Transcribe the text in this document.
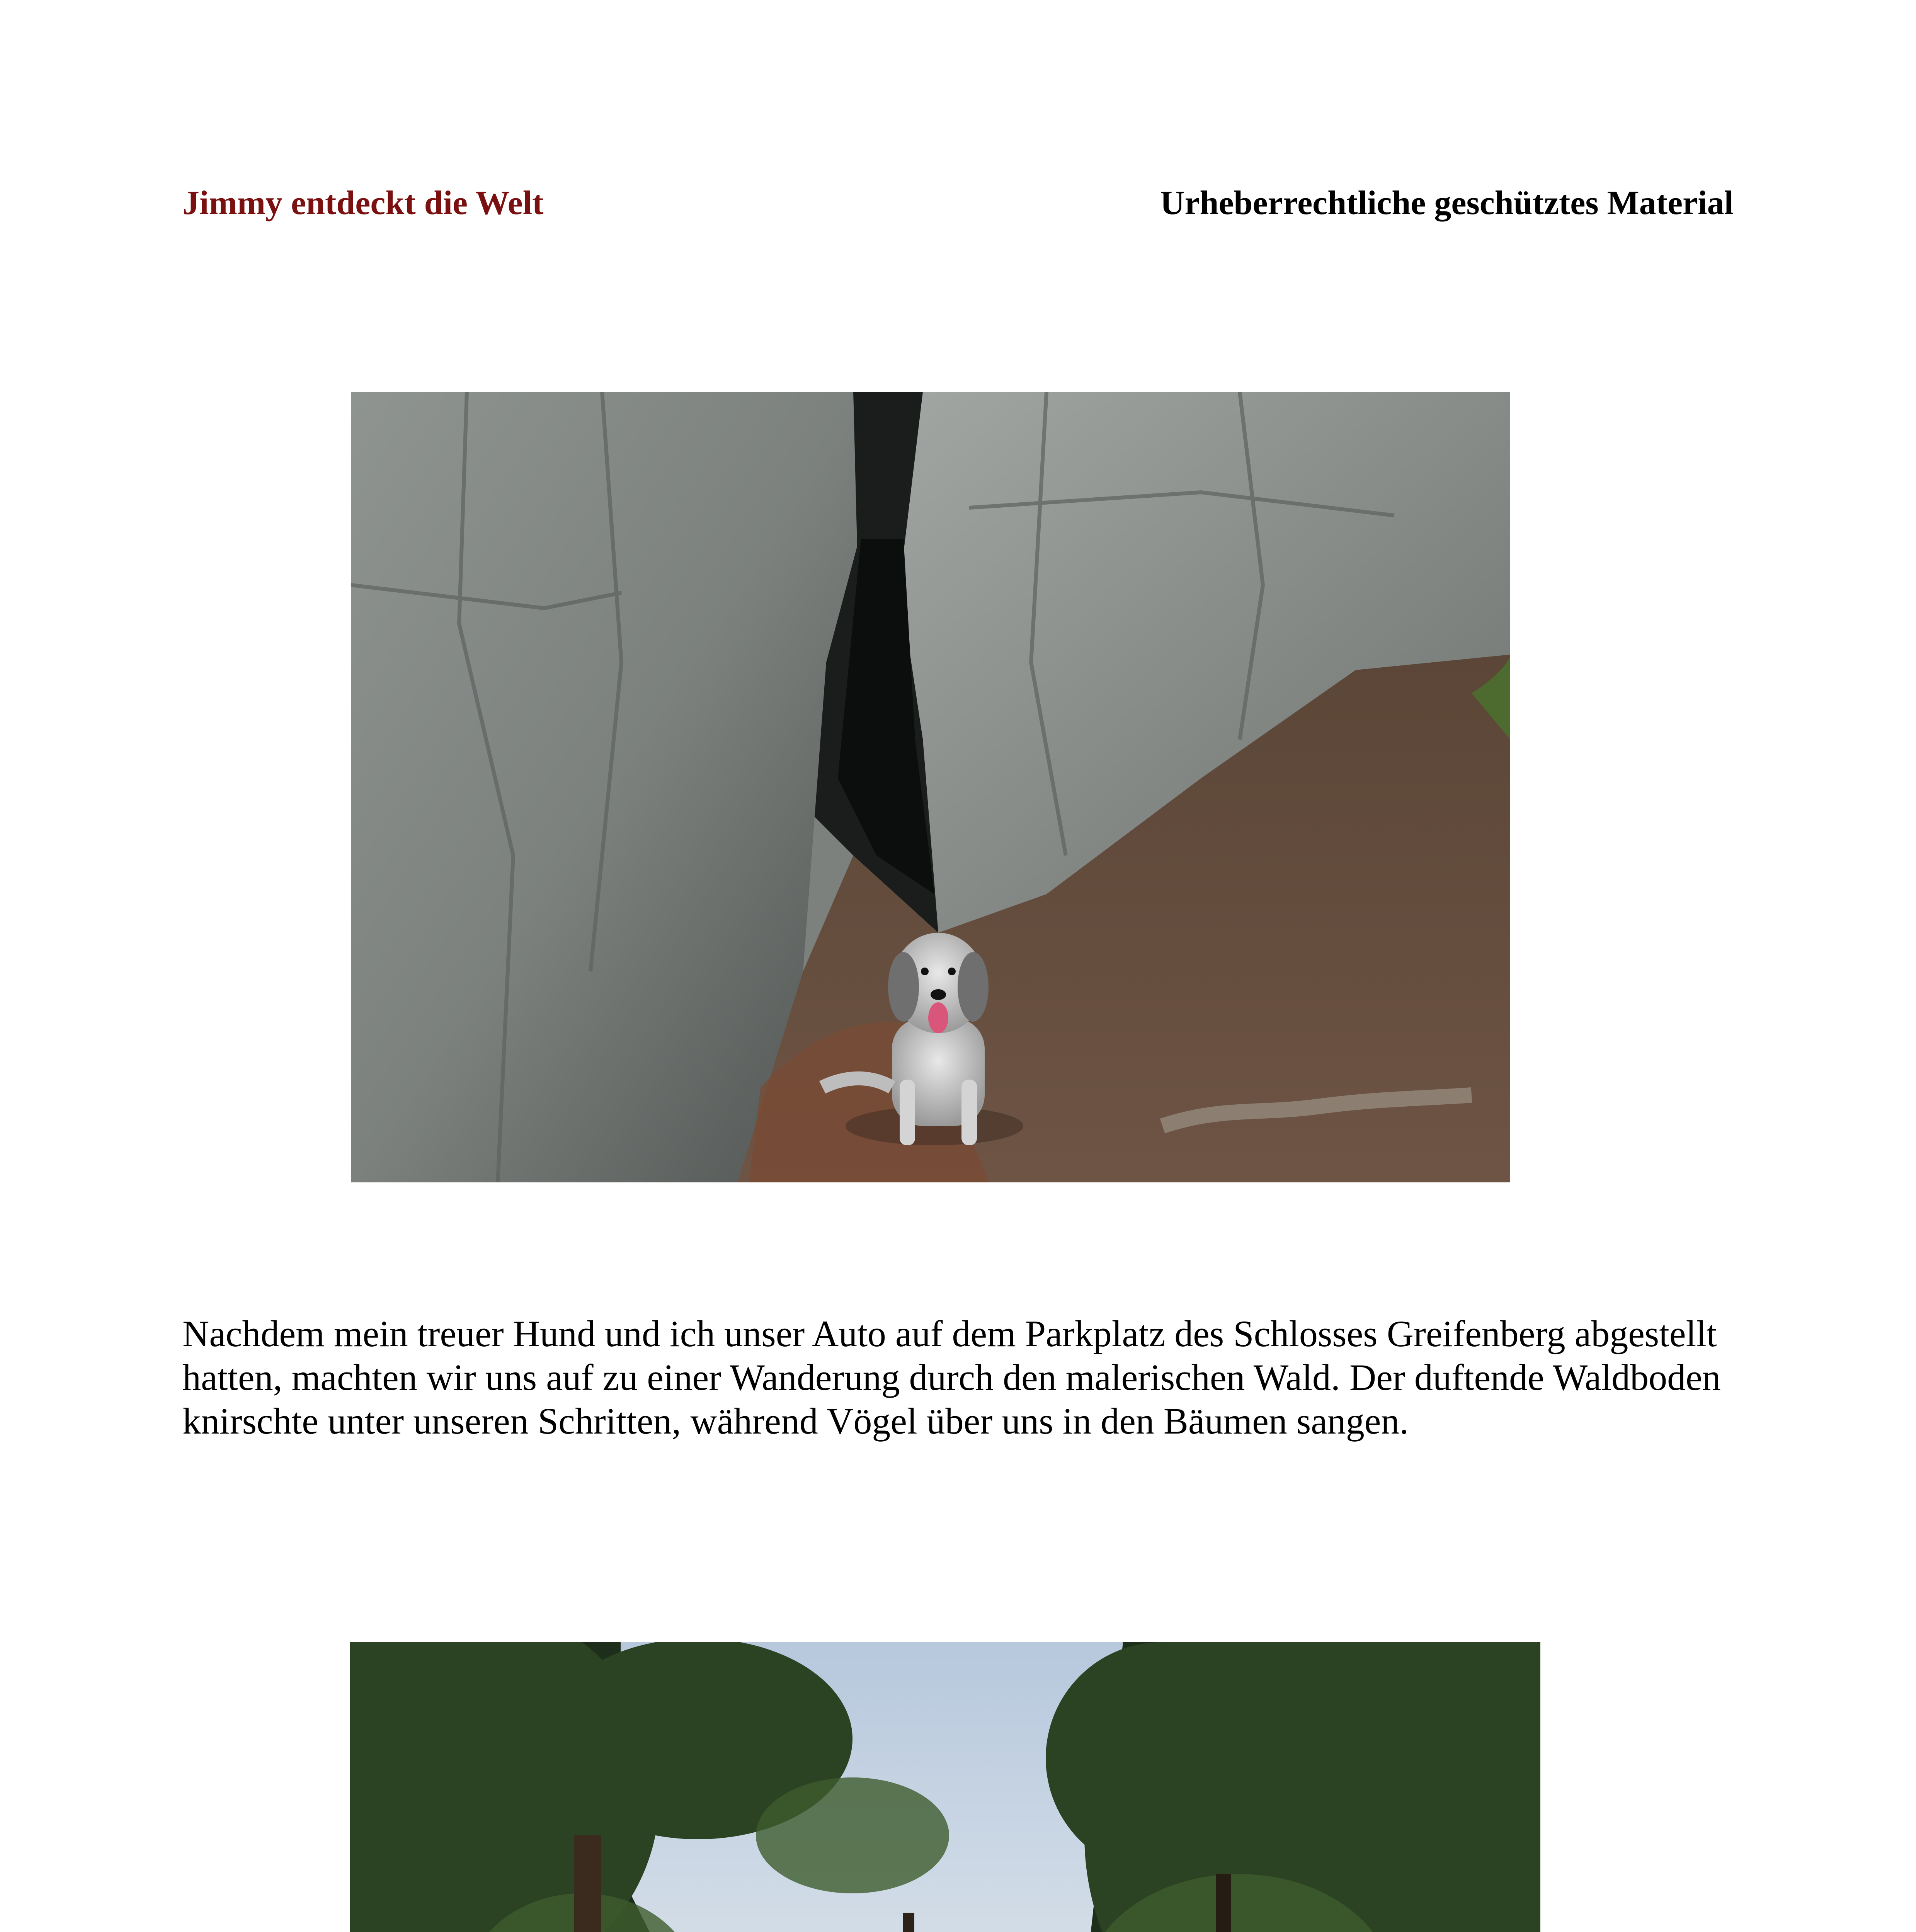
Jimmy entdeckt die Welt	Urheberrechtliche geschütztes Material

Nachdem mein treuer Hund und ich unser Auto auf dem Parkplatz des Schlosses Greifenberg abgestellt hatten, machten wir uns auf zu einer Wanderung durch den malerischen Wald. Der duftende Waldboden knirschte unter unseren Schritten, während Vögel über uns in den Bäumen sangen.
